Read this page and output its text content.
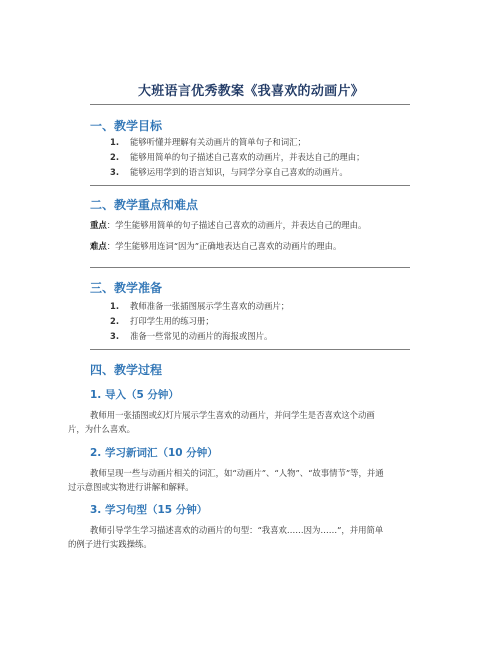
大班语言优秀教案《我喜欢的动画片》
一、教学目标
1. 能够听懂并理解有关动画片的简单句子和词汇；
2. 能够用简单的句子描述自己喜欢的动画片，并表达自己的理由；
3. 能够运用学到的语言知识，与同学分享自己喜欢的动画片。
二、教学重点和难点
重点：学生能够用简单的句子描述自己喜欢的动画片，并表达自己的理由。
难点：学生能够用连词“因为”正确地表达自己喜欢的动画片的理由。
三、教学准备
1. 教师准备一张插图展示学生喜欢的动画片；
2. 打印学生用的练习册；
3. 准备一些常见的动画片的海报或图片。
四、教学过程
1. 导入（5 分钟）
教师用一张插图或幻灯片展示学生喜欢的动画片，并问学生是否喜欢这个动画
片，为什么喜欢。
2. 学习新词汇（10 分钟）
教师呈现一些与动画片相关的词汇，如“动画片”、“人物”、“故事情节”等，并通
过示意图或实物进行讲解和解释。
3. 学习句型（15 分钟）
教师引导学生学习描述喜欢的动画片的句型：“我喜欢……因为……”，并用简单
的例子进行实践操练。
